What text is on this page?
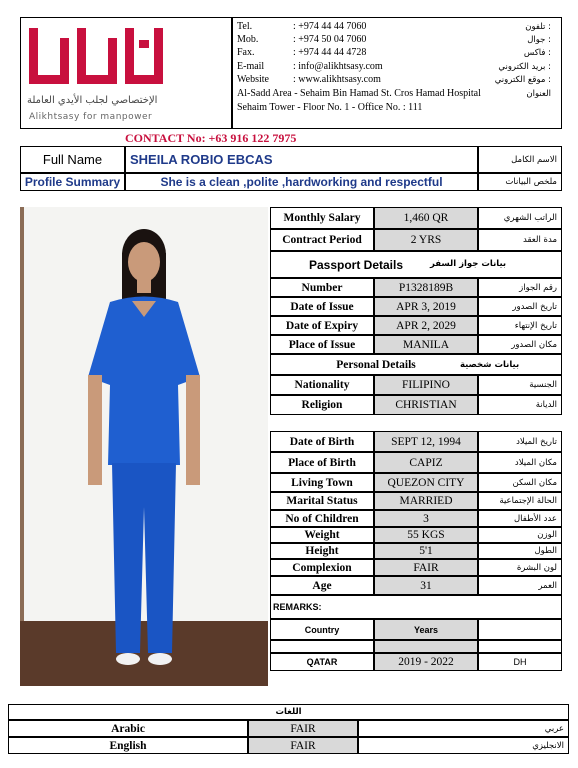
الإختصاصي لجلب الأيدي العاملة
Alikhtsasy for manpower
Tel.	: +974 44 44 7060	تلفون :
Mob.	: +974 50 04 7060	جوال :
Fax.	: +974 44 44 4728	فاكس :
E-mail	: info@alikhtsasy.com	بريد الكتروني :
Website : www.alikhtsasy.com	موقع الكتروني :
Al-Sadd Area - Sehaim Bin Hamad St. Cros Hamad Hospital	العنوان
Sehaim Tower - Floor No. 1 - Office No. : 111
CONTACT No: +63 916 122 7975
Full Name	SHEILA ROBIO EBCAS	الاسم الكامل
Profile Summary	She is a clean ,polite ,hardworking and respectful	ملخص البيانات
Monthly Salary	1,460 QR	الراتب الشهري
Contract Period	2 YRS	مدة العقد
Passport Details	بيانات جواز السفر
Number	P1328189B	رقم الجواز
Date of Issue	APR 3, 2019	تاريخ الصدور
Date of Expiry	APR 2, 2029	تاريخ الإنتهاء
Place of Issue	MANILA	مكان الصدور
Personal Details	بيانات شخصية
Nationality	FILIPINO	الجنسية
Religion	CHRISTIAN	الديانة
Date of Birth	SEPT 12, 1994	تاريخ الميلاد
Place of Birth	CAPIZ	مكان الميلاد
Living Town	QUEZON CITY	مكان السكن
Marital Status	MARRIED	الحالة الإجتماعية
No of Children	3	عدد الأطفال
Weight	55 KGS	الوزن
Height	5'1	الطول
Complexion	FAIR	لون البشرة
Age	31	العمر
REMARKS:
Country	Years
QATAR	2019 - 2022	DH
اللغات
Arabic	FAIR	عربي
English	FAIR	الانجليزي
